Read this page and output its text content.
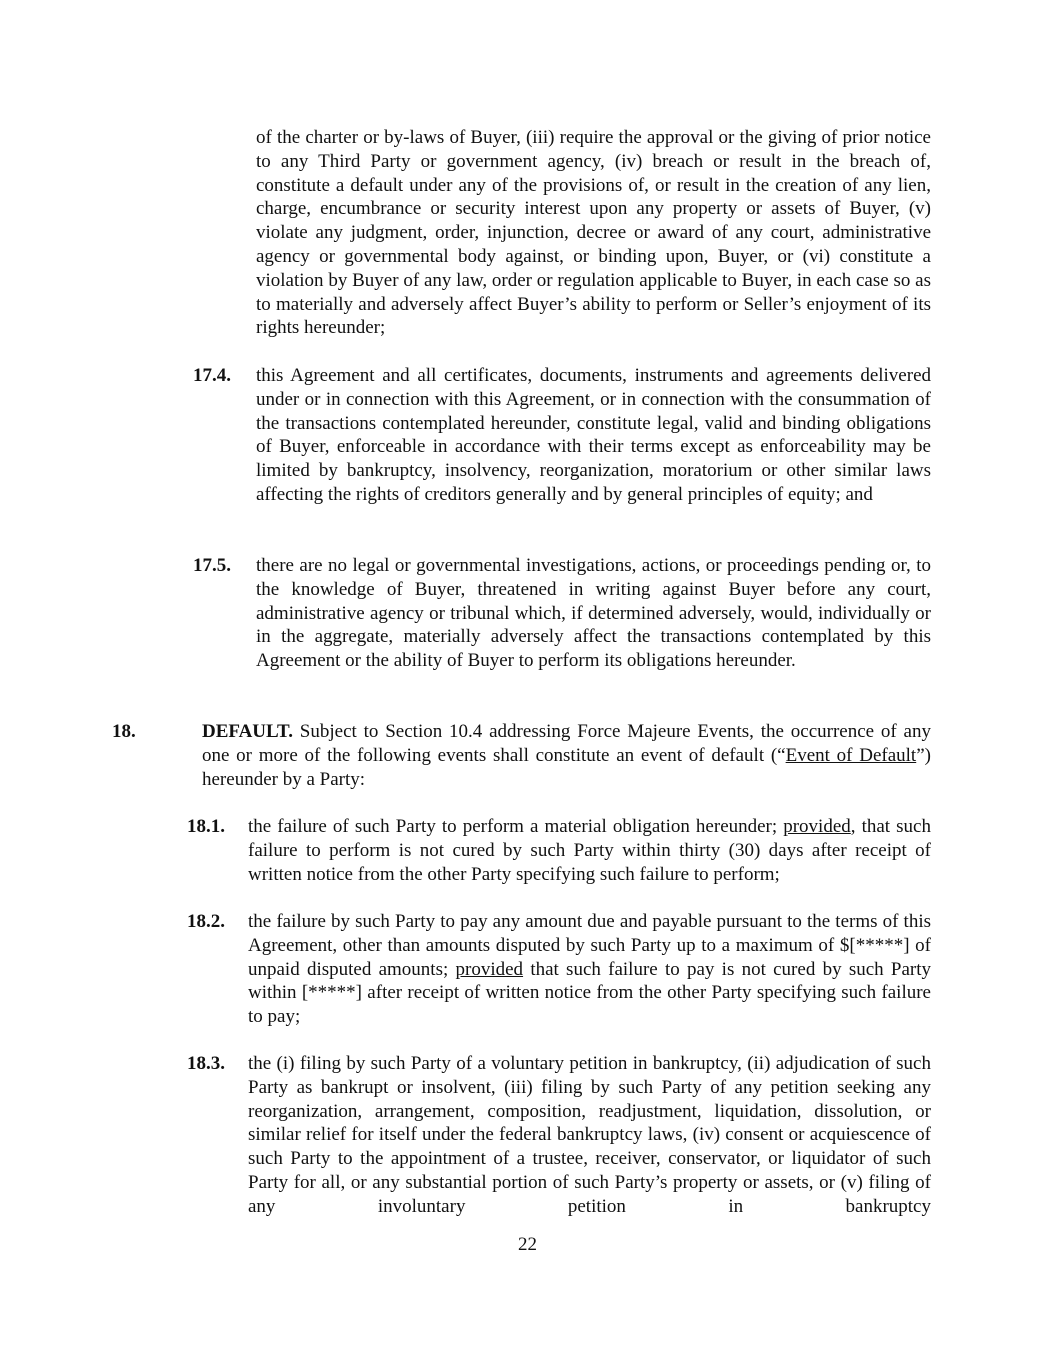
of the charter or by-laws of Buyer, (iii) require the approval or the giving of prior notice to any Third Party or government agency, (iv) breach or result in the breach of, constitute a default under any of the provisions of, or result in the creation of any lien, charge, encumbrance or security interest upon any property or assets of Buyer, (v) violate any judgment, order, injunction, decree or award of any court, administrative agency or governmental body against, or binding upon, Buyer, or (vi) constitute a violation by Buyer of any law, order or regulation applicable to Buyer, in each case so as to materially and adversely affect Buyer’s ability to perform or Seller’s enjoyment of its rights hereunder;

17.4. this Agreement and all certificates, documents, instruments and agreements delivered under or in connection with this Agreement, or in connection with the consummation of the transactions contemplated hereunder, constitute legal, valid and binding obligations of Buyer, enforceable in accordance with their terms except as enforceability may be limited by bankruptcy, insolvency, reorganization, moratorium or other similar laws affecting the rights of creditors generally and by general principles of equity; and

17.5. there are no legal or governmental investigations, actions, or proceedings pending or, to the knowledge of Buyer, threatened in writing against Buyer before any court, administrative agency or tribunal which, if determined adversely, would, individually or in the aggregate, materially adversely affect the transactions contemplated by this Agreement or the ability of Buyer to perform its obligations hereunder.

18.	DEFAULT. Subject to Section 10.4 addressing Force Majeure Events, the occurrence of any one or more of the following events shall constitute an event of default (“Event of Default”) hereunder by a Party:

18.1. the failure of such Party to perform a material obligation hereunder; provided, that such failure to perform is not cured by such Party within thirty (30) days after receipt of written notice from the other Party specifying such failure to perform;

18.2. the failure by such Party to pay any amount due and payable pursuant to the terms of this Agreement, other than amounts disputed by such Party up to a maximum of $[*****] of unpaid disputed amounts; provided that such failure to pay is not cured by such Party within [*****] after receipt of written notice from the other Party specifying such failure to pay;

18.3. the (i) filing by such Party of a voluntary petition in bankruptcy, (ii) adjudication of such Party as bankrupt or insolvent, (iii) filing by such Party of any petition seeking any reorganization, arrangement, composition, readjustment, liquidation, dissolution, or similar relief for itself under the federal bankruptcy laws, (iv) consent or acquiescence of such Party to the appointment of a trustee, receiver, conservator, or liquidator of such Party for all, or any substantial portion of such Party’s property or assets, or (v) filing of any involuntary petition in bankruptcy

22
